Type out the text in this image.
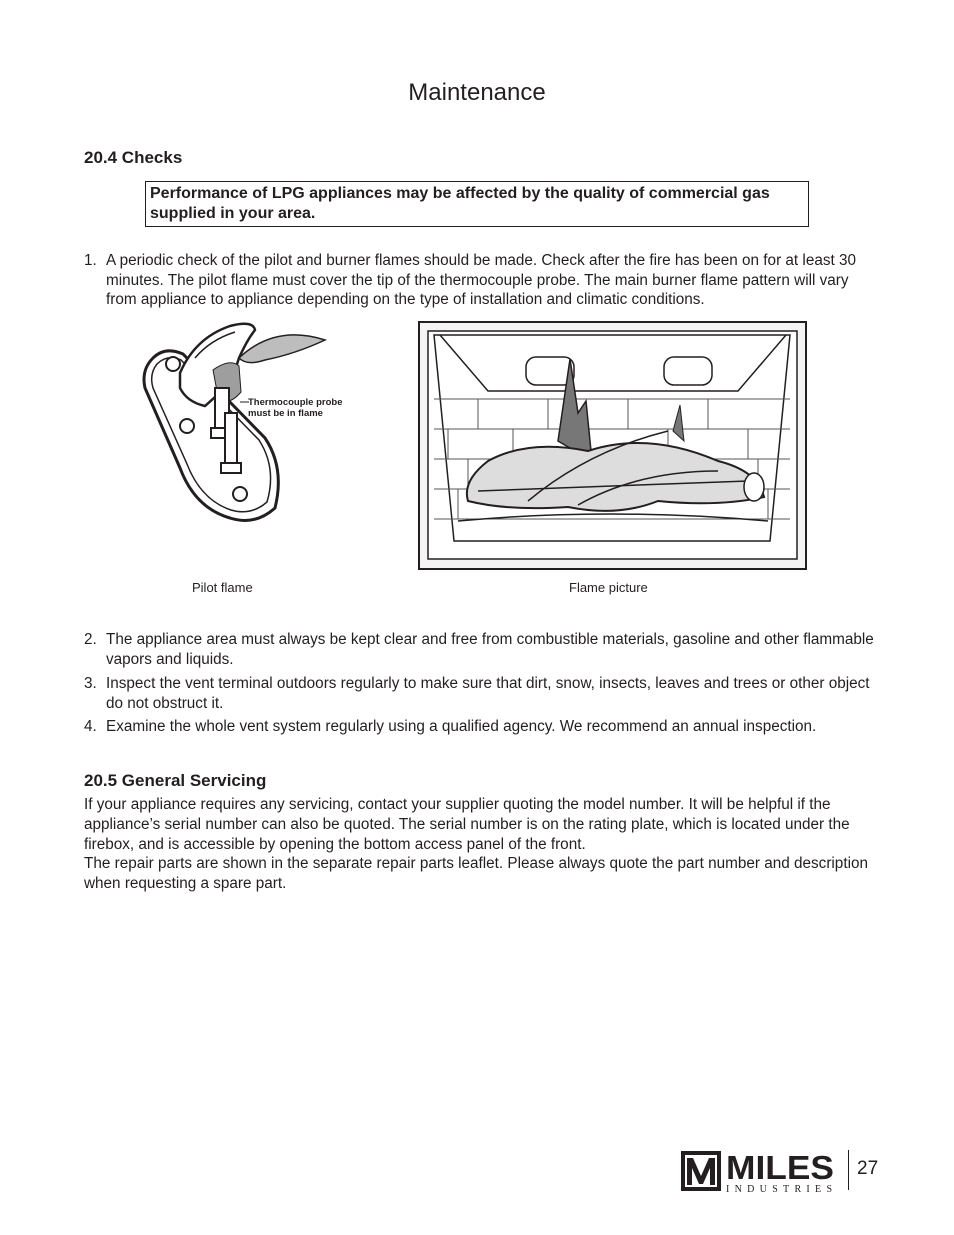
Maintenance
20.4 Checks
Performance of LPG appliances may be affected by the quality of commercial gas supplied in your area.
1. A periodic check of the pilot and burner flames should be made. Check after the fire has been on for at least 30 minutes. The pilot flame must cover the tip of the thermocouple probe. The main burner flame pattern will vary from appliance to appliance depending on the type of installation and climatic conditions.
Thermocouple probe
must be in flame
Pilot flame	Flame picture
2. The appliance area must always be kept clear and free from combustible materials, gasoline and other flammable vapors and liquids.
3. Inspect the vent terminal outdoors regularly to make sure that dirt, snow, insects, leaves and trees or other object do not obstruct it.
4. Examine the whole vent system regularly using a qualified agency. We recommend an annual inspection.
20.5 General Servicing

If your appliance requires any servicing, contact your supplier quoting the model number. It will be helpful if the appliance’s serial number can also be quoted. The serial number is on the rating plate, which is located under the firebox, and is accessible by opening the bottom access panel of the front.

The repair parts are shown in the separate repair parts leaflet. Please always quote the part number and description when requesting a spare part.

MILES
INDUSTRIES
27
